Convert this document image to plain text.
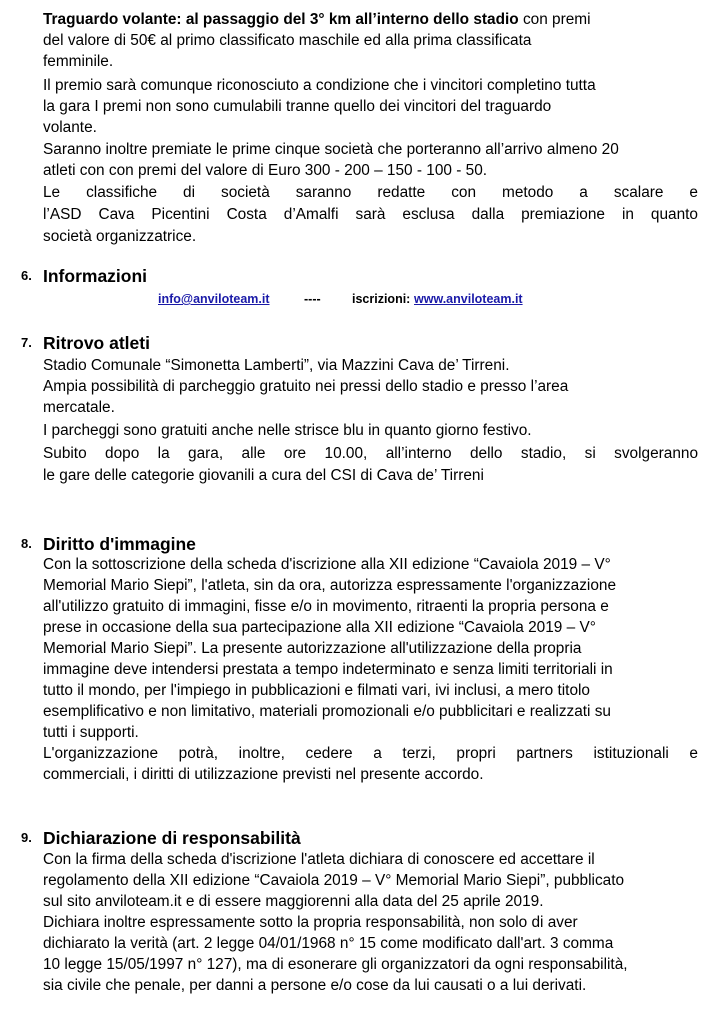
Traguardo volante: al passaggio del 3° km all’interno dello stadio con premi
del valore di 50€ al primo classificato maschile ed alla prima classificata
femminile.
Il premio sarà comunque riconosciuto a condizione che i vincitori completino tutta
la gara I premi non sono cumulabili tranne quello dei vincitori del traguardo
volante.
Saranno inoltre premiate le prime cinque società che porteranno all’arrivo almeno 20
atleti con con premi del valore di Euro 300 - 200 – 150 - 100 - 50.
Le classifiche di società saranno redatte con metodo a scalare e
l’ASD Cava Picentini Costa d’Amalfi sarà esclusa dalla premiazione in quanto
società organizzatrice.
6. Informazioni
info@anviloteam.it	----	iscrizioni: www.anviloteam.it
7. Ritrovo atleti
Stadio Comunale “Simonetta Lamberti”, via Mazzini Cava de’ Tirreni.
Ampia possibilità di parcheggio gratuito nei pressi dello stadio e presso l’area
mercatale.
I parcheggi sono gratuiti anche nelle strisce blu in quanto giorno festivo.
Subito dopo la gara, alle ore 10.00, all’interno dello stadio, si svolgeranno
le gare delle categorie giovanili a cura del CSI di Cava de’ Tirreni
8. Diritto d'immagine
Con la sottoscrizione della scheda d'iscrizione alla XII edizione “Cavaiola 2019 – V°
Memorial Mario Siepi”, l'atleta, sin da ora, autorizza espressamente l'organizzazione
all'utilizzo gratuito di immagini, fisse e/o in movimento, ritraenti la propria persona e
prese in occasione della sua partecipazione alla XII edizione “Cavaiola 2019 – V°
Memorial Mario Siepi”. La presente autorizzazione all'utilizzazione della propria
immagine deve intendersi prestata a tempo indeterminato e senza limiti territoriali in
tutto il mondo, per l'impiego in pubblicazioni e filmati vari, ivi inclusi, a mero titolo
esemplificativo e non limitativo, materiali promozionali e/o pubblicitari e realizzati su
tutti i supporti.
L'organizzazione potrà, inoltre, cedere a terzi, propri partners istituzionali e
commerciali, i diritti di utilizzazione previsti nel presente accordo.
9. Dichiarazione di responsabilità
Con la firma della scheda d'iscrizione l'atleta dichiara di conoscere ed accettare il
regolamento della XII edizione “Cavaiola 2019 – V° Memorial Mario Siepi”, pubblicato
sul sito anviloteam.it e di essere maggiorenni alla data del 25 aprile 2019.
Dichiara inoltre espressamente sotto la propria responsabilità, non solo di aver
dichiarato la verità (art. 2 legge 04/01/1968 n° 15 come modificato dall'art. 3 comma
10 legge 15/05/1997 n° 127), ma di esonerare gli organizzatori da ogni responsabilità,
sia civile che penale, per danni a persone e/o cose da lui causati o a lui derivati.
